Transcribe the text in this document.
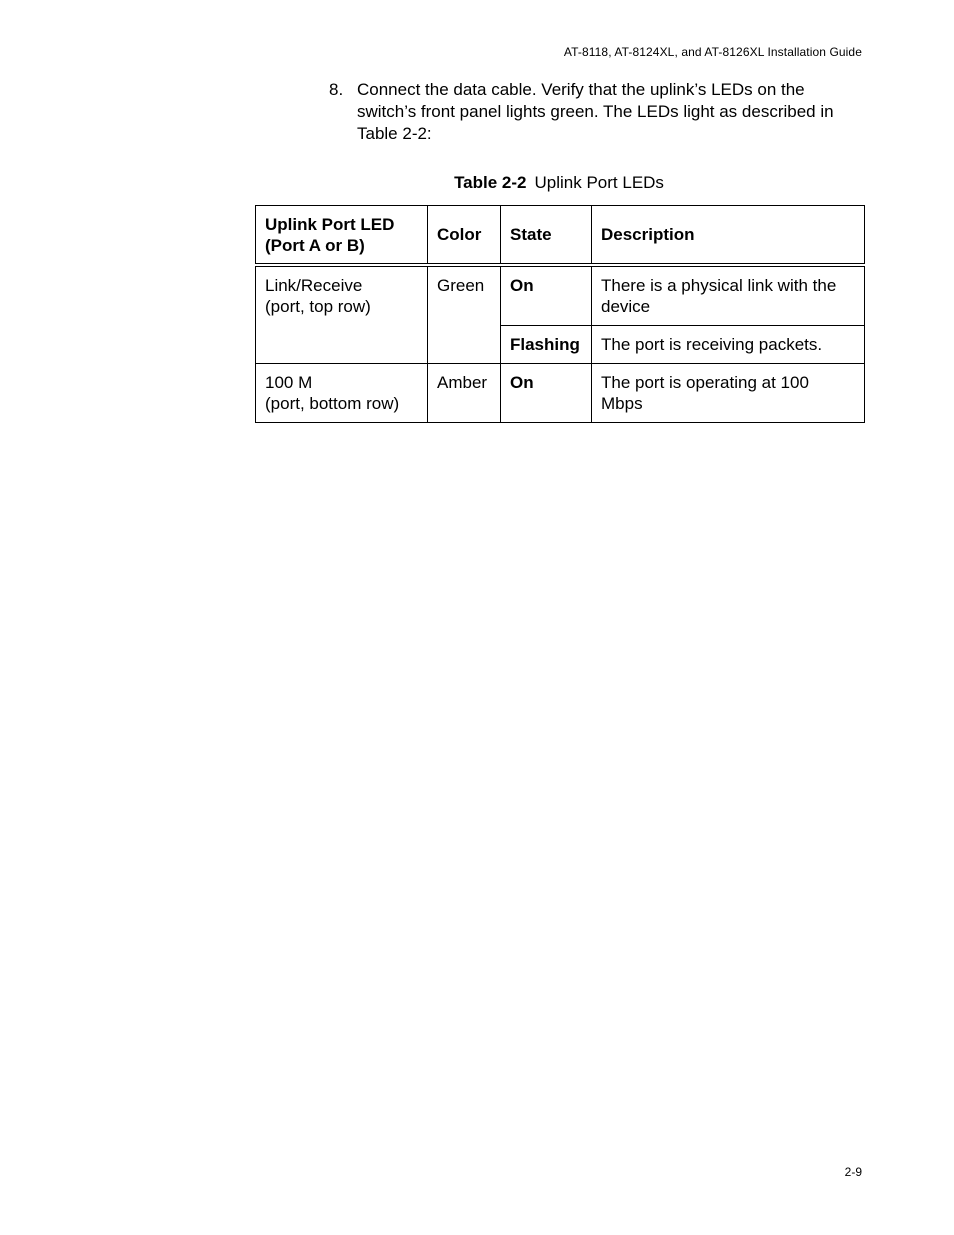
AT-8118, AT-8124XL, and AT-8126XL Installation Guide
8. Connect the data cable. Verify that the uplink’s LEDs on the switch’s front panel lights green. The LEDs light as described in Table 2-2:
Table 2-2 Uplink Port LEDs
Uplink Port LED
(Port A or B)	Color	State	Description
Link/Receive
(port, top row)	Green	On	There is a physical link with the device
		Flashing	The port is receiving packets.
100 M
(port, bottom row)	Amber	On	The port is operating at 100 Mbps
2-9
